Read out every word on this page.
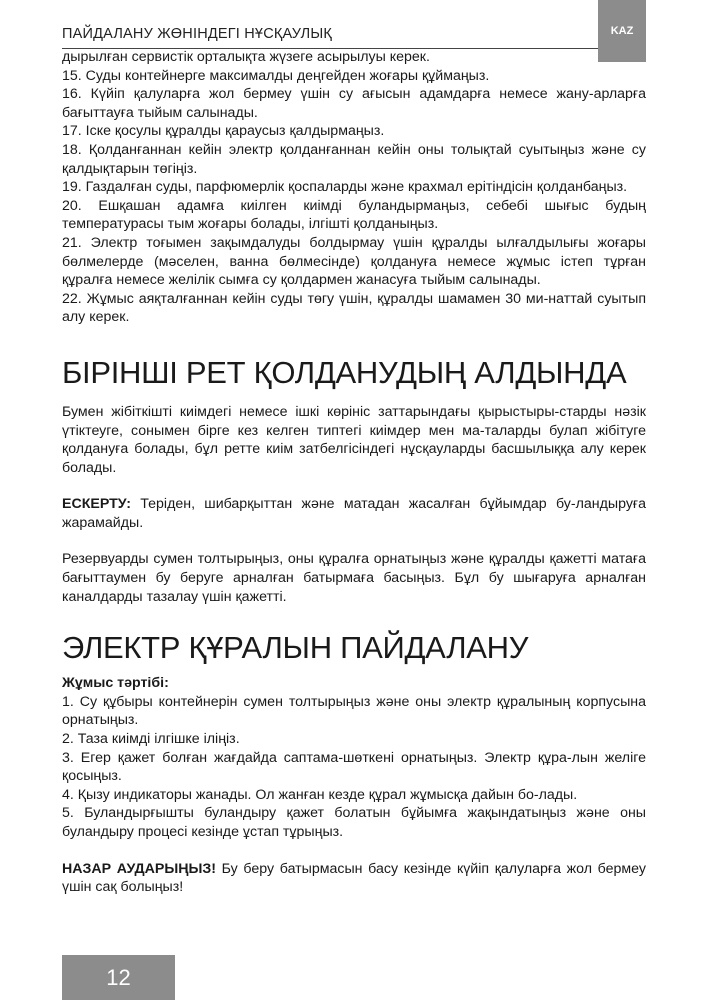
ПАЙДАЛАНУ ЖӨНІНДЕГІ НҰСҚАУЛЫҚ	KAZ

дырылған сервистік орталықта жүзеге асырылуы керек.

15. Суды контейнерге максималды деңгейден жоғары құймаңыз.

16. Күйіп қалуларға жол бермеу үшін су ағысын адамдарға немесе жану-арларға бағыттауға тыйым салынады.

17. Іске қосулы құралды қараусыз қалдырмаңыз.

18. Қолданғаннан кейін электр қолданғаннан кейін оны толықтай суытыңыз және су қалдықтарын төгіңіз.

19. Газдалған суды, парфюмерлік қоспаларды және крахмал ерітіндісін қолданбаңыз.

20. Ешқашан адамға киілген киімді буландырмаңыз, себебі шығыс будың температурасы тым жоғары болады, ілгішті қолданыңыз.

21. Электр тоғымен зақымдалуды болдырмау үшін құралды ылғалдылығы жоғары бөлмелерде (мәселен, ванна бөлмесінде) қолдануға немесе жұмыс істеп тұрған құралға немесе желілік сымға су қолдармен жанасуға тыйым салынады.

22. Жұмыс аяқталғаннан кейін суды төгу үшін, құралды шамамен 30 ми-наттай суытып алу керек.

БІРІНШІ РЕТ ҚОЛДАНУДЫҢ АЛДЫНДА

Бумен жібіткішті киімдегі немесе ішкі көрініс заттарындағы қырыстыры-старды нәзік үтіктеуге, сонымен бірге кез келген типтегі киімдер мен ма-таларды булап жібітуге қолдануға болады, бұл ретте киім затбелгісіндегі нұсқауларды басшылыққа алу керек болады.

ЕСКЕРТУ: Теріден, шибарқыттан және матадан жасалған бұйымдар бу-ландыруға жарамайды.

Резервуарды сумен толтырыңыз, оны құралға орнатыңыз және құралды қажетті матаға бағыттаумен бу беруге арналған батырмаға басыңыз. Бұл бу шығаруға арналған каналдарды тазалау үшін қажетті.

ЭЛЕКТР ҚҰРАЛЫН ПАЙДАЛАНУ

Жұмыс тәртібі:

1. Су құбыры контейнерін сумен толтырыңыз және оны электр құралының корпусына орнатыңыз.

2. Таза киімді ілгішке іліңіз.

3. Егер қажет болған жағдайда саптама-шөткені орнатыңыз. Электр құра-лын желіге қосыңыз.

4. Қызу индикаторы жанады. Ол жанған кезде құрал жұмысқа дайын бо-лады.

5. Буландырғышты буландыру қажет болатын бұйымға жақындатыңыз және оны буландыру процесі кезінде ұстап тұрыңыз.

НАЗАР АУДАРЫҢЫЗ! Бу беру батырмасын басу кезінде күйіп қалуларға жол бермеу үшін сақ болыңыз!

12
